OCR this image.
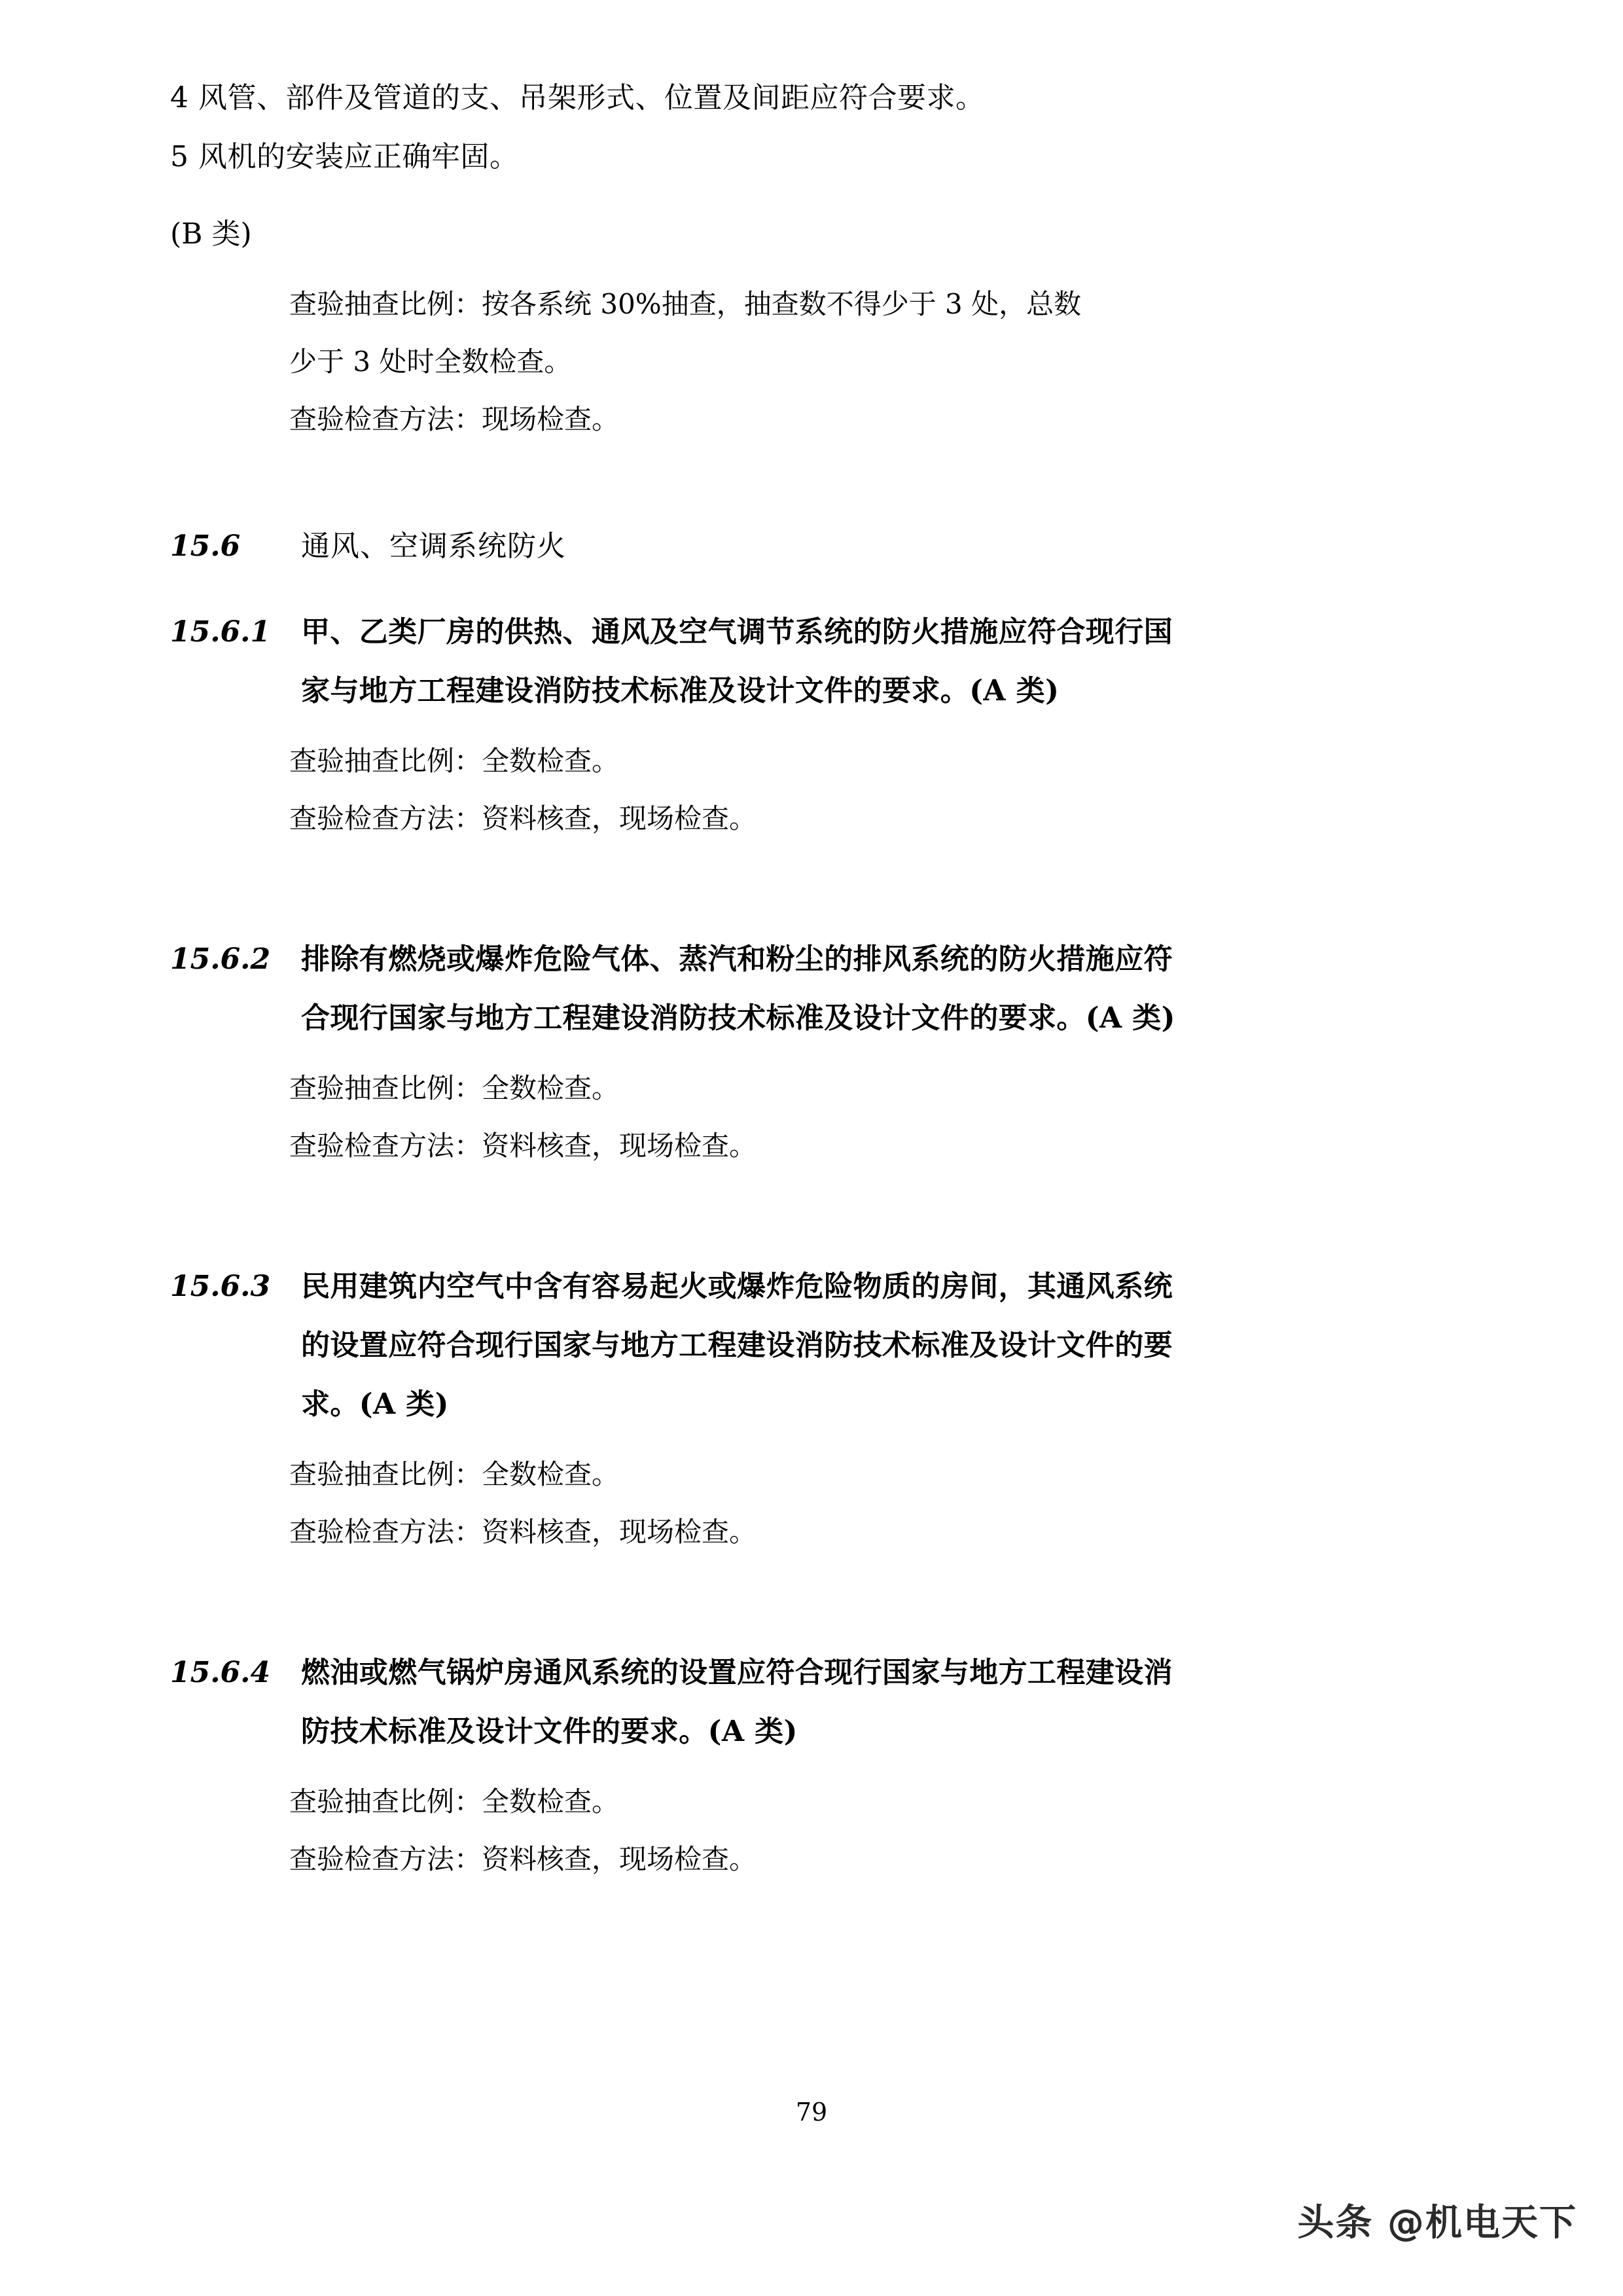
4 风管、部件及管道的支、吊架形式、位置及间距应符合要求。
5 风机的安装应正确牢固。
(B 类)
查验抽查比例：按各系统 30%抽查，抽查数不得少于 3 处，总数
少于 3 处时全数检查。
查验检查方法：现场检查。
15.6	通风、空调系统防火
15.6.1	甲、乙类厂房的供热、通风及空气调节系统的防火措施应符合现行国
家与地方工程建设消防技术标准及设计文件的要求。(A 类)
查验抽查比例：全数检查。
查验检查方法：资料核查，现场检查。
15.6.2	排除有燃烧或爆炸危险气体、蒸汽和粉尘的排风系统的防火措施应符
合现行国家与地方工程建设消防技术标准及设计文件的要求。(A 类)
查验抽查比例：全数检查。
查验检查方法：资料核查，现场检查。
15.6.3	民用建筑内空气中含有容易起火或爆炸危险物质的房间，其通风系统
的设置应符合现行国家与地方工程建设消防技术标准及设计文件的要
求。(A 类)
查验抽查比例：全数检查。
查验检查方法：资料核查，现场检查。
15.6.4	燃油或燃气锅炉房通风系统的设置应符合现行国家与地方工程建设消
防技术标准及设计文件的要求。(A 类)
查验抽查比例：全数检查。
查验检查方法：资料核查，现场检查。
79
头条 @机电天下
